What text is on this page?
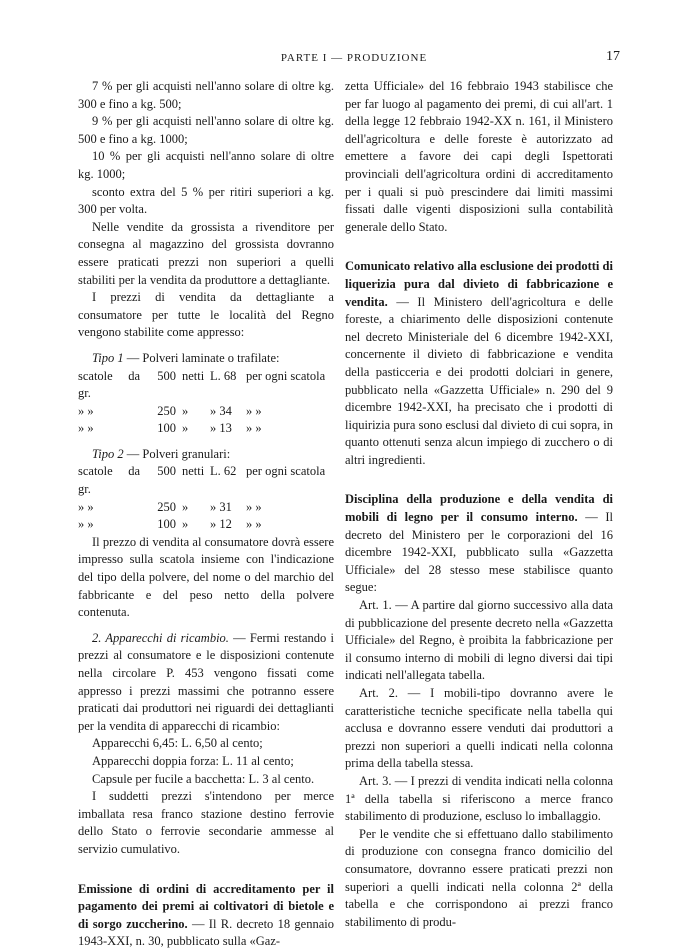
PARTE I — PRODUZIONE	17

7 % per gli acquisti nell'anno solare di oltre kg. 300 e fino a kg. 500;

9 % per gli acquisti nell'anno solare di oltre kg. 500 e fino a kg. 1000;

10 % per gli acquisti nell'anno solare di oltre kg. 1000;

sconto extra del 5 % per ritiri superiori a kg. 300 per volta.

Nelle vendite da grossista a rivenditore per consegna al magazzino del grossista dovranno essere praticati prezzi non superiori a quelli stabiliti per la vendita da produttore a dettagliante.

I prezzi di vendita da dettagliante a consumatore per tutte le località del Regno vengono stabilite come appresso:

Tipo 1 — Polveri laminate o trafilate:

scatole da gr.
500 netti L. 68 per ogni scatola
» »	250 »	» 34	» »
» »	100 »	» 13	» »

Tipo 2 — Polveri granulari:

scatole da gr.
500 netti L. 62 per ogni scatola
» »	250 »	» 31	» »
» »	100 »	» 12	» »

Il prezzo di vendita al consumatore dovrà essere impresso sulla scatola insieme con l'indicazione del tipo della polvere, del nome o del marchio del fabbricante e del peso netto della polvere contenuta.

2. Apparecchi di ricambio. — Fermi restando i prezzi al consumatore e le disposizioni contenute nella circolare P. 453 vengono fissati come appresso i prezzi massimi che potranno essere praticati dai produttori nei riguardi dei dettaglianti per la vendita di apparecchi di ricambio:

Apparecchi 6,45: L. 6,50 al cento;

Apparecchi doppia forza: L. 11 al cento;

Capsule per fucile a bacchetta: L. 3 al cento.

I suddetti prezzi s'intendono per merce imballata resa franco stazione destino ferrovie dello Stato o ferrovie secondarie ammesse al servizio cumulativo.

Emissione di ordini di accreditamento per il pagamento dei premi ai coltivatori di bietole e di sorgo zuccherino. — Il R. decreto 18 gennaio 1943-XXI, n. 30, pubblicato sulla «Gaz-

zetta Ufficiale» del 16 febbraio 1943 stabilisce che per far luogo al pagamento dei premi, di cui all'art. 1 della legge 12 febbraio 1942-XX n. 161, il Ministero dell'agricoltura e delle foreste è autorizzato ad emettere a favore dei capi degli Ispettorati provinciali dell'agricoltura ordini di accreditamento per i quali si può prescindere dai limiti massimi fissati dalle vigenti disposizioni sulla contabilità generale dello Stato.

Comunicato relativo alla esclusione dei prodotti di liquerizia pura dal divieto di fabbricazione e vendita. — Il Ministero dell'agricoltura e delle foreste, a chiarimento delle disposizioni contenute nel decreto Ministeriale del 6 dicembre 1942-XXI, concernente il divieto di fabbricazione e vendita della pasticceria e dei prodotti dolciari in genere, pubblicato nella «Gazzetta Ufficiale» n. 290 del 9 dicembre 1942-XXI, ha precisato che i prodotti di liquirizia pura sono esclusi dal divieto di cui sopra, in quanto ottenuti senza alcun impiego di zucchero o di altri ingredienti.

Disciplina della produzione e della vendita di mobili di legno per il consumo interno. — Il decreto del Ministero per le corporazioni del 16 dicembre 1942-XXI, pubblicato sulla «Gazzetta Ufficiale» del 28 stesso mese stabilisce quanto segue:

Art. 1. — A partire dal giorno successivo alla data di pubblicazione del presente decreto nella «Gazzetta Ufficiale» del Regno, è proibita la fabbricazione per il consumo interno di mobili di legno diversi dai tipi indicati nell'allegata tabella.

Art. 2. — I mobili-tipo dovranno avere le caratteristiche tecniche specificate nella tabella qui acclusa e dovranno essere venduti dai produttori a prezzi non superiori a quelli indicati nella colonna prima della tabella stessa.

Art. 3. — I prezzi di vendita indicati nella colonna 1ª della tabella si riferiscono a merce franco stabilimento di produzione, escluso lo imballaggio.

Per le vendite che si effettuano dallo stabilimento di produzione con consegna franco domicilio del consumatore, dovranno essere praticati prezzi non superiori a quelli indicati nella colonna 2ª della tabella e che corrispondono ai prezzi franco stabilimento di produ-
